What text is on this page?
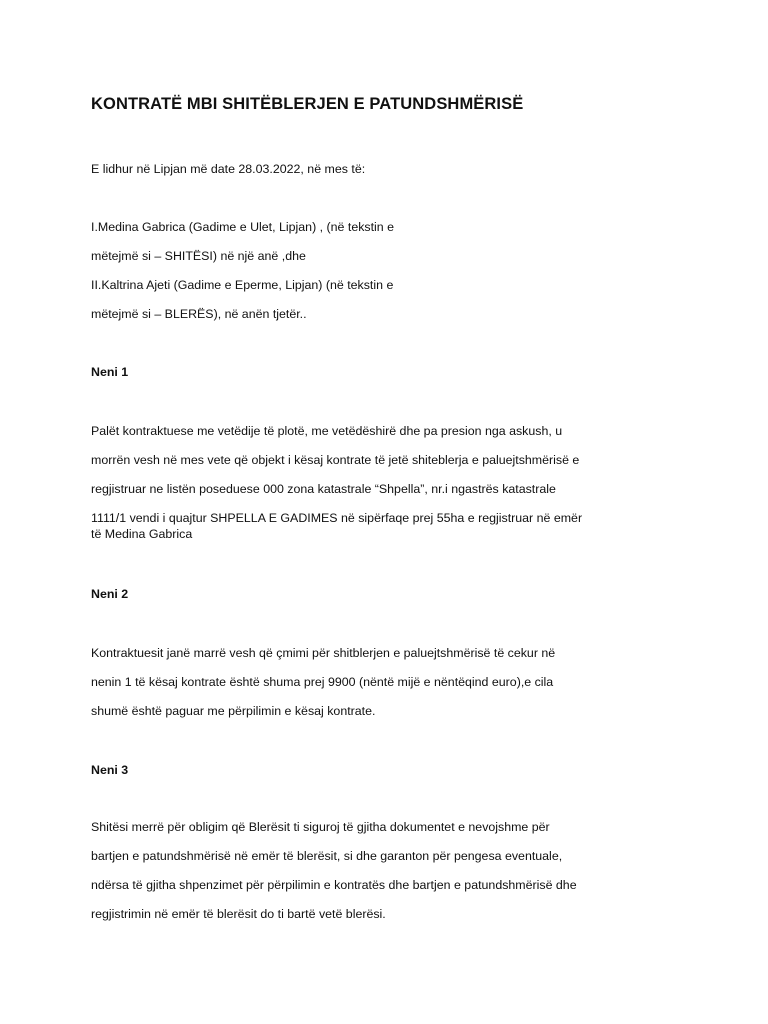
KONTRATË MBI SHITËBLERJEN E PATUNDSHMËRISË
E lidhur në Lipjan më date 28.03.2022, në mes të:
I.Medina Gabrica (Gadime e Ulet, Lipjan) , (në tekstin e
mëtejmë si – SHITËSI) në një anë ,dhe
II.Kaltrina Ajeti (Gadime e Eperme, Lipjan) (në tekstin e
mëtejmë si – BLERËS), në anën tjetër..
Neni 1
Palët kontraktuese me vetëdije të plotë, me vetëdëshirë dhe pa presion nga askush, u
morrën vesh në mes vete që objekt i kësaj kontrate të jetë shiteblerja e paluejtshmërisë e
regjistruar ne listën poseduese 000 zona katastrale “Shpella”, nr.i ngastrës katastrale
1111/1 vendi i quajtur SHPELLA E GADIMES në sipërfaqe prej 55ha e regjistruar në emër të Medina Gabrica
Neni 2
Kontraktuesit janë marrë vesh që çmimi për shitblerjen e paluejtshmërisë të cekur në
nenin 1 të kësaj kontrate është shuma prej 9900 (nëntë mijë e nëntëqind euro),e cila
shumë është paguar me përpilimin e kësaj kontrate.
Neni 3
Shitësi merrë për obligim që Blerësit ti siguroj të gjitha dokumentet e nevojshme për
bartjen e patundshmërisë në emër të blerësit, si dhe garanton për pengesa eventuale,
ndërsa të gjitha shpenzimet për përpilimin e kontratës dhe bartjen e patundshmërisë dhe
regjistrimin në emër të blerësit do ti bartë vetë blerësi.
